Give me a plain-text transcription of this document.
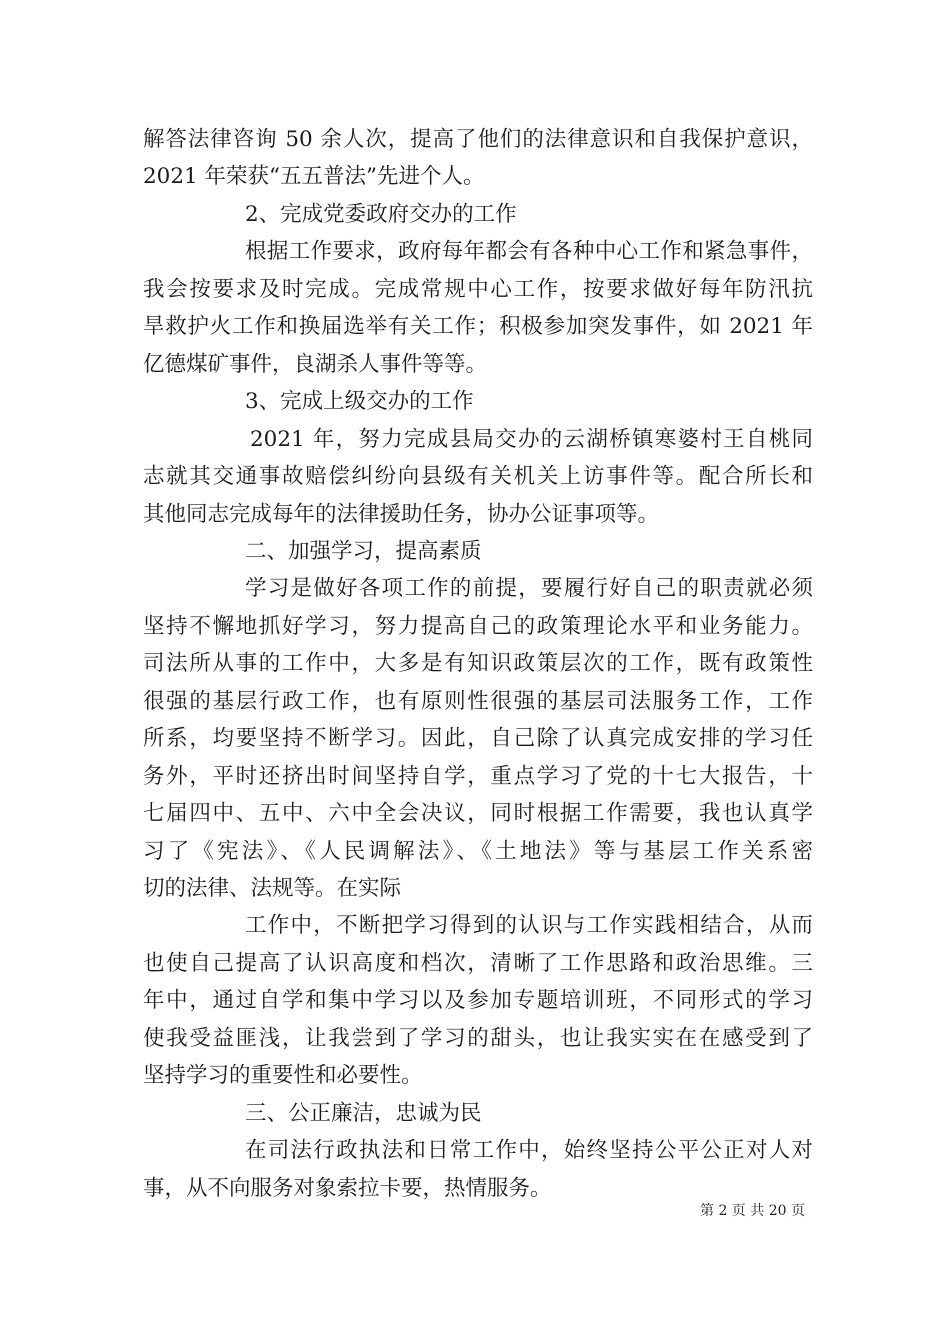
解答法律咨询 50 余人次，提高了他们的法律意识和自我保护意识，
2021 年荣获“五五普法”先进个人。
2、完成党委政府交办的工作
根据工作要求，政府每年都会有各种中心工作和紧急事件，
我会按要求及时完成。完成常规中心工作，按要求做好每年防汛抗
旱救护火工作和换届选举有关工作；积极参加突发事件，如 2021 年
亿德煤矿事件，良湖杀人事件等等。
3、完成上级交办的工作
2021 年，努力完成县局交办的云湖桥镇寒婆村王自桃同
志就其交通事故赔偿纠纷向县级有关机关上访事件等。配合所长和
其他同志完成每年的法律援助任务，协办公证事项等。
二、加强学习，提高素质
学习是做好各项工作的前提，要履行好自己的职责就必须
坚持不懈地抓好学习，努力提高自己的政策理论水平和业务能力。
司法所从事的工作中，大多是有知识政策层次的工作，既有政策性
很强的基层行政工作，也有原则性很强的基层司法服务工作，工作
所系，均要坚持不断学习。因此，自己除了认真完成安排的学习任
务外，平时还挤出时间坚持自学，重点学习了党的十七大报告，十
七届四中、五中、六中全会决议，同时根据工作需要，我也认真学
习了《宪法》、《人民调解法》、《土地法》等与基层工作关系密
切的法律、法规等。在实际
工作中，不断把学习得到的认识与工作实践相结合，从而
也使自己提高了认识高度和档次，清晰了工作思路和政治思维。三
年中，通过自学和集中学习以及参加专题培训班，不同形式的学习
使我受益匪浅，让我尝到了学习的甜头，也让我实实在在感受到了
坚持学习的重要性和必要性。
三、公正廉洁，忠诚为民
在司法行政执法和日常工作中，始终坚持公平公正对人对
事，从不向服务对象索拉卡要，热情服务。
第 2 页 共 20 页
